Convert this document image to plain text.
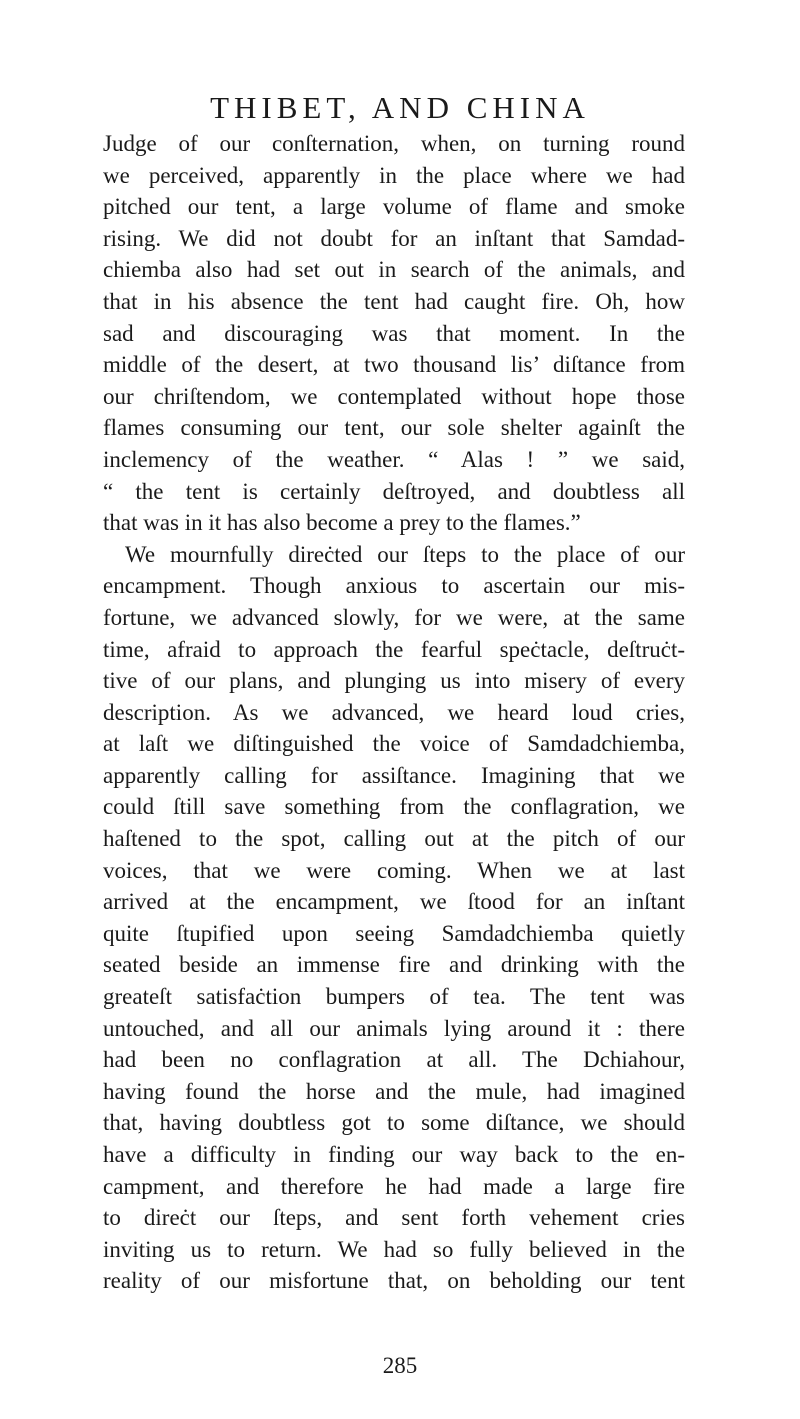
THIBET, AND CHINA
Judge of our conſternation, when, on turning round
we perceived, apparently in the place where we had
pitched our tent, a large volume of flame and smoke
rising. We did not doubt for an inſtant that Samdad-
chiemba also had set out in search of the animals, and
that in his absence the tent had caught fire. Oh, how
sad and discouraging was that moment. In the
middle of the desert, at two thousand lis’ diſtance from
our chriſtendom, we contemplated without hope those
flames consuming our tent, our sole shelter againſt the
inclemency of the weather. “ Alas ! ” we said,
“ the tent is certainly deſtroyed, and doubtless all
that was in it has also become a prey to the flames.”
We mournfully direċted our ſteps to the place of our
encampment. Though anxious to ascertain our mis-
fortune, we advanced slowly, for we were, at the same
time, afraid to approach the fearful speċtacle, deſtruċt-
tive of our plans, and plunging us into misery of every
description. As we advanced, we heard loud cries,
at laſt we diſtinguished the voice of Samdadchiemba,
apparently calling for assiſtance. Imagining that we
could ſtill save something from the conflagration, we
haſtened to the spot, calling out at the pitch of our
voices, that we were coming. When we at last
arrived at the encampment, we ſtood for an inſtant
quite ſtupified upon seeing Samdadchiemba quietly
seated beside an immense fire and drinking with the
greateſt satisfaċtion bumpers of tea. The tent was
untouched, and all our animals lying around it : there
had been no conflagration at all. The Dchiahour,
having found the horse and the mule, had imagined
that, having doubtless got to some diſtance, we should
have a difficulty in finding our way back to the en-
campment, and therefore he had made a large fire
to direċt our ſteps, and sent forth vehement cries
inviting us to return. We had so fully believed in the
reality of our misfortune that, on beholding our tent
285
